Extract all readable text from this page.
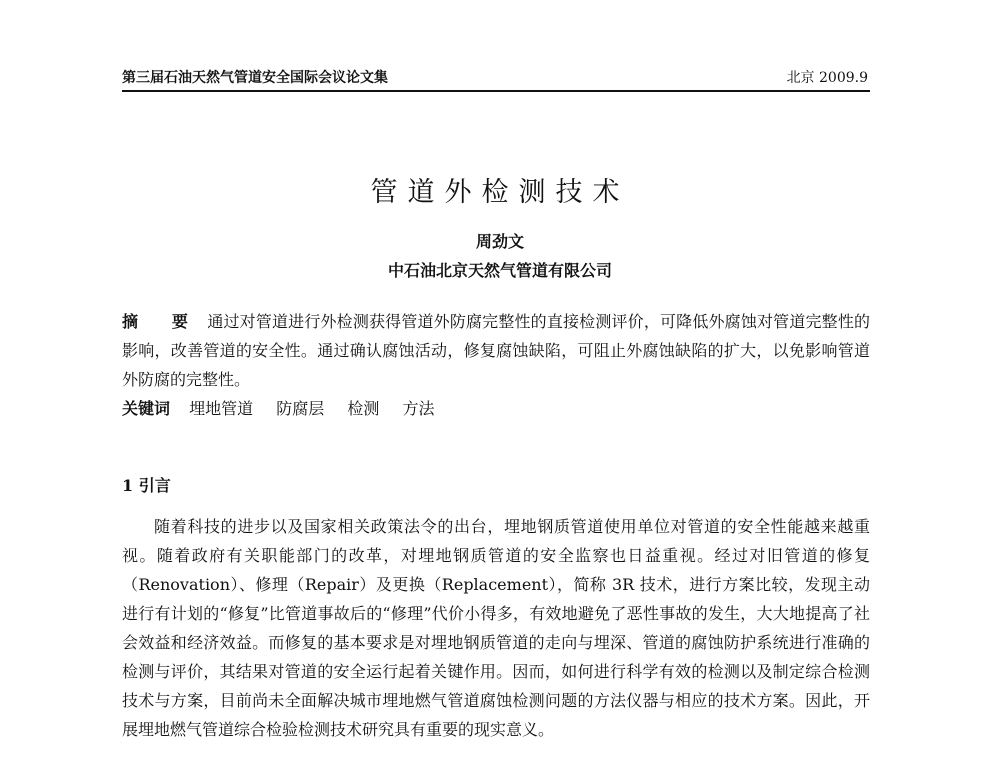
第三届石油天然气管道安全国际会议论文集	北京 2009.9
管道外检测技术
周劲文
中石油北京天然气管道有限公司
摘 要 通过对管道进行外检测获得管道外防腐完整性的直接检测评价，可降低外腐蚀对管道完整性的影响，改善管道的安全性。通过确认腐蚀活动，修复腐蚀缺陷，可阻止外腐蚀缺陷的扩大，以免影响管道外防腐的完整性。
关键词 埋地管道 防腐层 检测 方法
1 引言
随着科技的进步以及国家相关政策法令的出台，埋地钢质管道使用单位对管道的安全性能越来越重视。随着政府有关职能部门的改革，对埋地钢质管道的安全监察也日益重视。经过对旧管道的修复（Renovation）、修理（Repair）及更换（Replacement），简称 3R 技术，进行方案比较，发现主动进行有计划的“修复”比管道事故后的“修理”代价小得多，有效地避免了恶性事故的发生，大大地提高了社会效益和经济效益。而修复的基本要求是对埋地钢质管道的走向与埋深、管道的腐蚀防护系统进行准确的检测与评价，其结果对管道的安全运行起着关键作用。因而，如何进行科学有效的检测以及制定综合检测技术与方案，目前尚未全面解决城市埋地燃气管道腐蚀检测问题的方法仪器与相应的技术方案。因此，开展埋地燃气管道综合检验检测技术研究具有重要的现实意义。
